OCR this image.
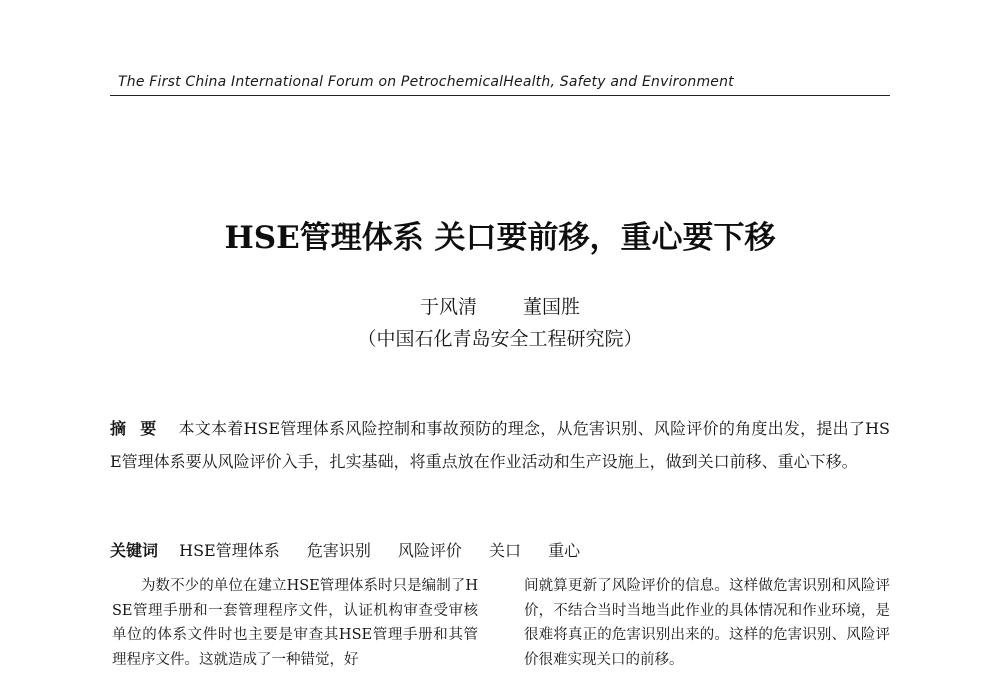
The First China International Forum on PetrochemicalHealth, Safety and Environment
HSE管理体系 关口要前移，重心要下移
于风清 董国胜
（中国石化青岛安全工程研究院）
摘要 本文本着HSE管理体系风险控制和事故预防的理念，从危害识别、风险评价的角度出发，提出了HSE管理体系要从风险评价入手，扎实基础，将重点放在作业活动和生产设施上，做到关口前移、重心下移。
关键词 HSE管理体系 危害识别 风险评价 关口 重心
为数不少的单位在建立HSE管理体系时只是编制了HSE管理手册和一套管理程序文件，认证机构审查受审核单位的体系文件时也主要是审查其HSE管理手册和其管理程序文件。这就造成了一种错觉，好
间就算更新了风险评价的信息。这样做危害识别和风险评价，不结合当时当地当此作业的具体情况和作业环境，是很难将真正的危害识别出来的。这样的危害识别、风险评价很难实现关口的前移。
